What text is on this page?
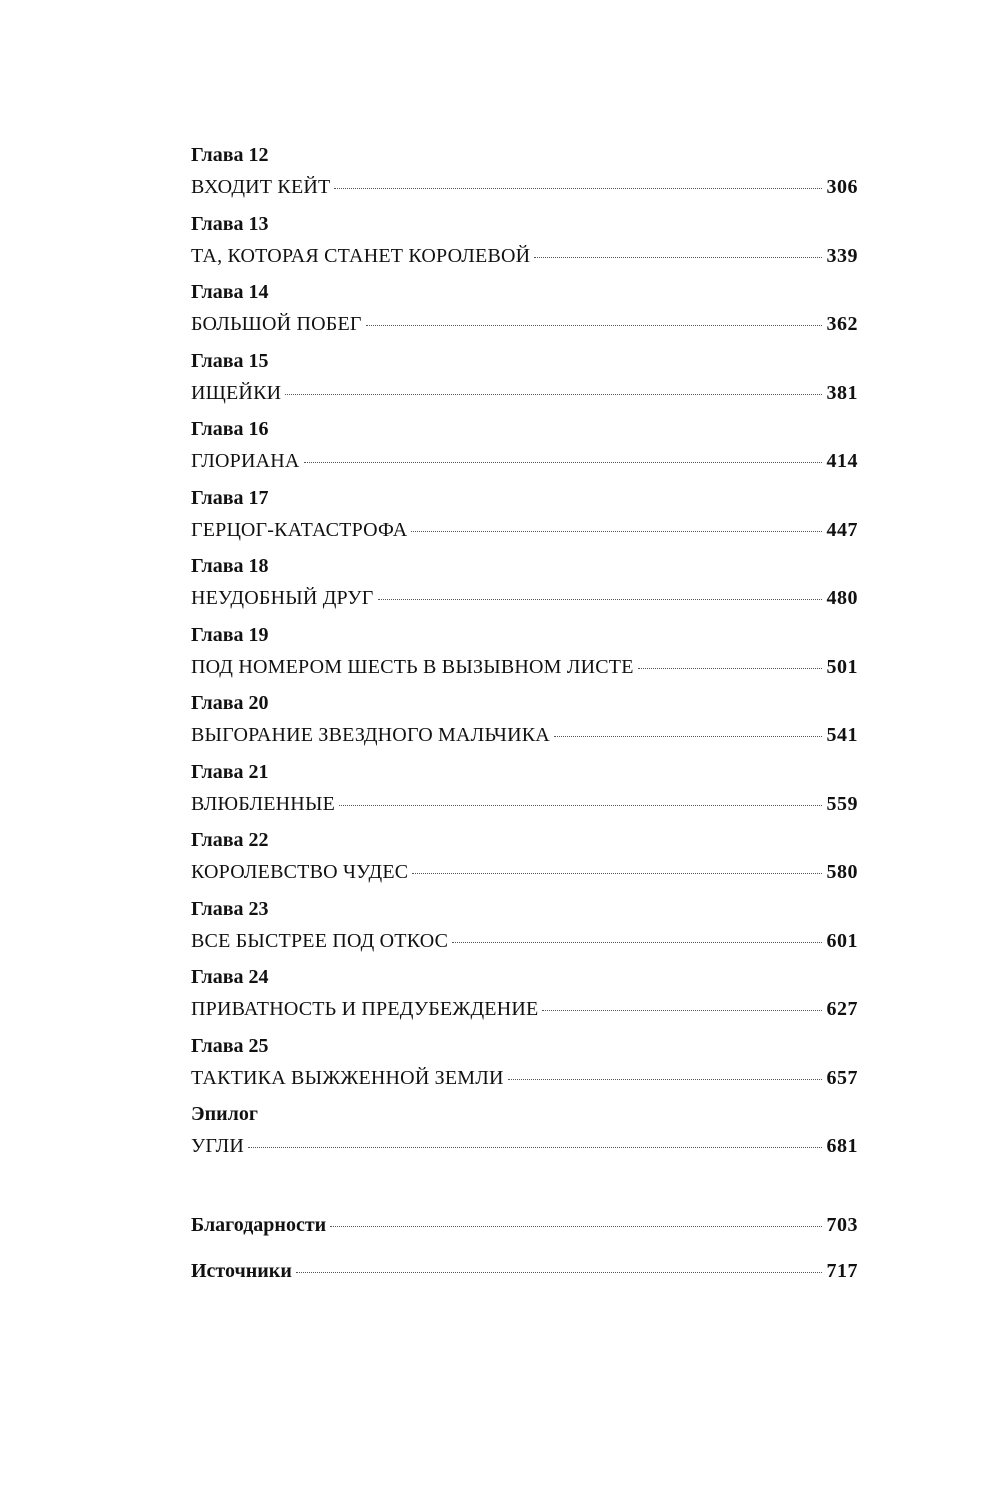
Глава 12
ВХОДИТ КЕЙТ	306
Глава 13
ТА, КОТОРАЯ СТАНЕТ КОРОЛЕВОЙ	339
Глава 14
БОЛЬШОЙ ПОБЕГ	362
Глава 15
ИЩЕЙКИ	381
Глава 16
ГЛОРИАНА	414
Глава 17
ГЕРЦОГ-КАТАСТРОФА	447
Глава 18
НЕУДОБНЫЙ ДРУГ	480
Глава 19
ПОД НОМЕРОМ ШЕСТЬ В ВЫЗЫВНОМ ЛИСТЕ	501
Глава 20
ВЫГОРАНИЕ ЗВЕЗДНОГО МАЛЬЧИКА	541
Глава 21
ВЛЮБЛЕННЫЕ	559
Глава 22
КОРОЛЕВСТВО ЧУДЕС	580
Глава 23
ВСЕ БЫСТРЕЕ ПОД ОТКОС	601
Глава 24
ПРИВАТНОСТЬ И ПРЕДУБЕЖДЕНИЕ	627
Глава 25
ТАКТИКА ВЫЖЖЕННОЙ ЗЕМЛИ	657
Эпилог
УГЛИ	681
Благодарности	703
Источники	717
